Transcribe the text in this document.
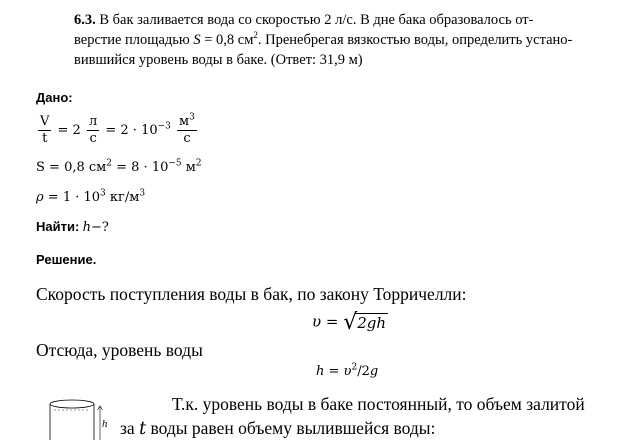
6.3. В бак заливается вода со скоростью 2 л/с. В дне бака образовалось от-
верстие площадью S = 0,8 $см^2$. Пренебрегая вязкостью воды, определить устано-
вившийся уровень воды в баке. (Ответ: 31,9 м)
Дано:
$\frac{V}{t} = 2 \frac{л}{с} = 2 \cdot 10^{-3} \frac{м^3}{с}$
S = 0,8 $см^2 = 8 \cdot 10^{-5}$ $м^2$
$\rho = 1 \cdot 10^3$ $кг/м^3$
Найти: h−?
Решение.
Скорость поступления воды в бак, по закону Торричелли:
υ = √2gh
Отсюда, уровень воды
$h = \upsilon^2/2g$
h
Т.к. уровень воды в баке постоянный, то объем залитой
за t воды равен объему вылившейся воды:
